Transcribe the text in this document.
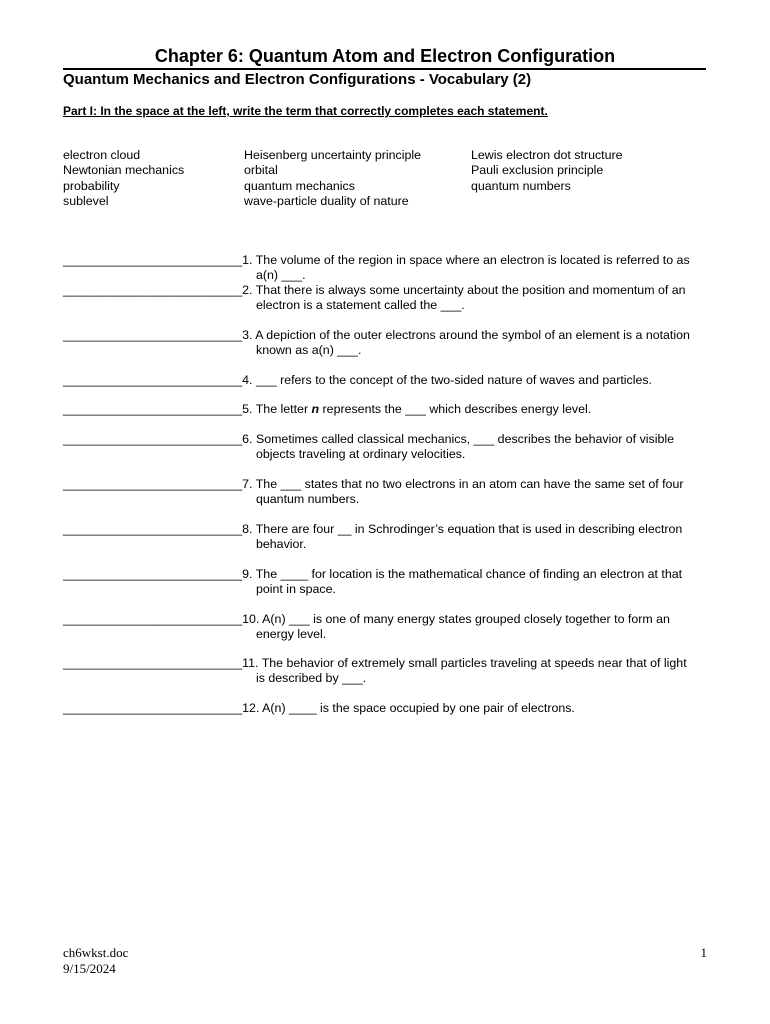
Chapter 6: Quantum Atom and Electron Configuration
Quantum Mechanics and Electron Configurations - Vocabulary (2)
Part I: In the space at the left, write the term that correctly completes each statement.
electron cloud
Newtonian mechanics
probability
sublevel
Heisenberg uncertainty principle
orbital
quantum mechanics
wave-particle duality of nature
Lewis electron dot structure
Pauli exclusion principle
quantum numbers
__________________________1. The volume of the region in space where an electron is located is referred to as
a(n) ___.
__________________________2. That there is always some uncertainty about the position and momentum of an
electron is a statement called the ___.
__________________________3. A depiction of the outer electrons around the symbol of an element is a notation
known as a(n) ___.
__________________________4. ___ refers to the concept of the two-sided nature of waves and particles.
__________________________5. The letter n represents the ___ which describes energy level.
__________________________6. Sometimes called classical mechanics, ___ describes the behavior of visible
objects traveling at ordinary velocities.
__________________________7. The ___ states that no two electrons in an atom can have the same set of four
quantum numbers.
__________________________8. There are four __ in Schrodinger’s equation that is used in describing electron
behavior.
__________________________9. The ____ for location is the mathematical chance of finding an electron at that
point in space.
__________________________10. A(n) ___ is one of many energy states grouped closely together to form an
energy level.
__________________________11. The behavior of extremely small particles traveling at speeds near that of light
is described by ___.
__________________________12. A(n) ____ is the space occupied by one pair of electrons.
ch6wkst.doc
9/15/2024
1
